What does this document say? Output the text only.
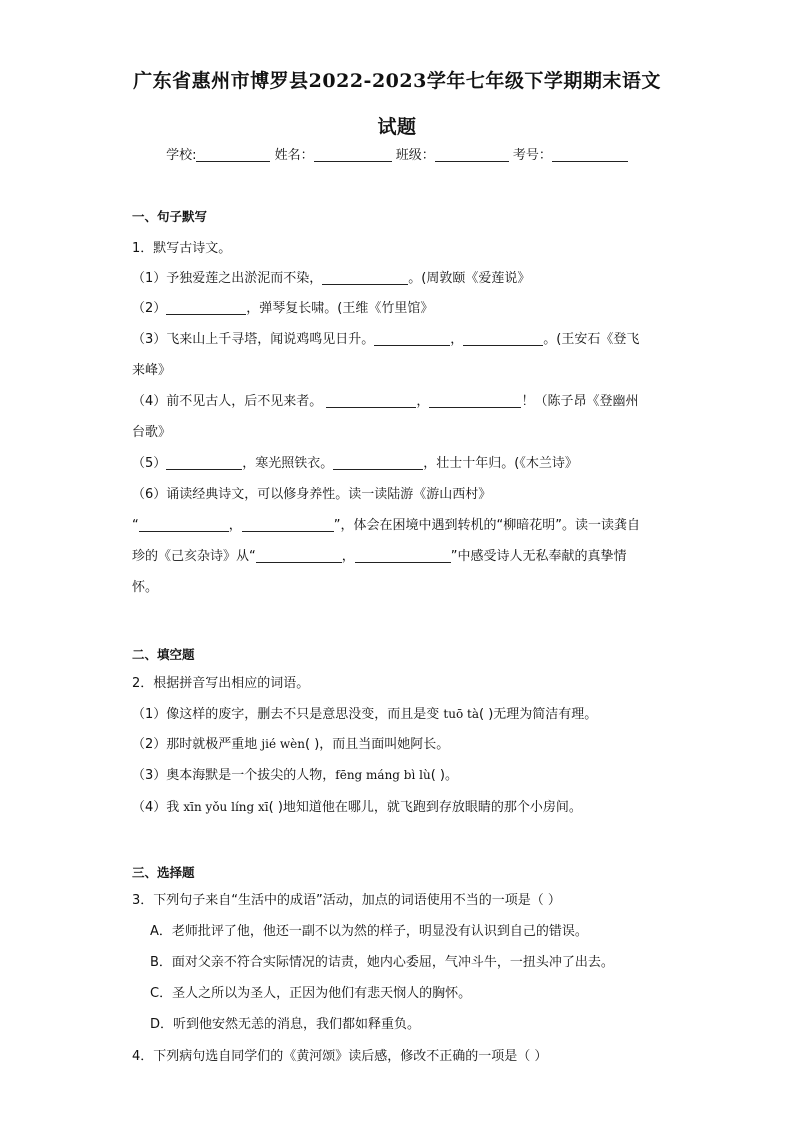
广东省惠州市博罗县2022-2023学年七年级下学期期末语文
试题
学校:	姓名：	班级：	考号：
一、句子默写
1．默写古诗文。
（1）予独爱莲之出淤泥而不染，	。(周敦颐《爱莲说》
（2）	，弹琴复长啸。(王维《竹里馆》
（3）飞来山上千寻塔，闻说鸡鸣见日升。	，	。(王安石《登飞
来峰》
（4）前不见古人，后不见来者。	，	！（陈子昂《登幽州
台歌》
（5）	，寒光照铁衣。	，壮士十年归。(《木兰诗》
（6）诵读经典诗文，可以修身养性。读一读陆游《游山西村》
“	，	”，体会在困境中遇到转机的“柳暗花明”。读一读龚自
珍的《己亥杂诗》从“	，	”中感受诗人无私奉献的真挚情
怀。
二、填空题
2．根据拼音写出相应的词语。
（1）像这样的废字，删去不只是意思没变，而且是变 tuō tà( )无理为简洁有理。
（2）那时就极严重地 jié wèn( )，而且当面叫她阿长。
（3）奥本海默是一个拔尖的人物，fēng máng bì lù( )。
（4）我 xīn yǒu líng xī( )地知道他在哪儿，就飞跑到存放眼睛的那个小房间。
三、选择题
3．下列句子来自“生活中的成语”活动，加点的词语使用不当的一项是（ ）
A．老师批评了他，他还一副不以为然的样子，明显没有认识到自己的错误。
B．面对父亲不符合实际情况的诘责，她内心委屈，气冲斗牛，一扭头冲了出去。
C．圣人之所以为圣人，正因为他们有悲天悯人的胸怀。
D．听到他安然无恙的消息，我们都如释重负。
4．下列病句选自同学们的《黄河颂》读后感，修改不正确的一项是（ ）
